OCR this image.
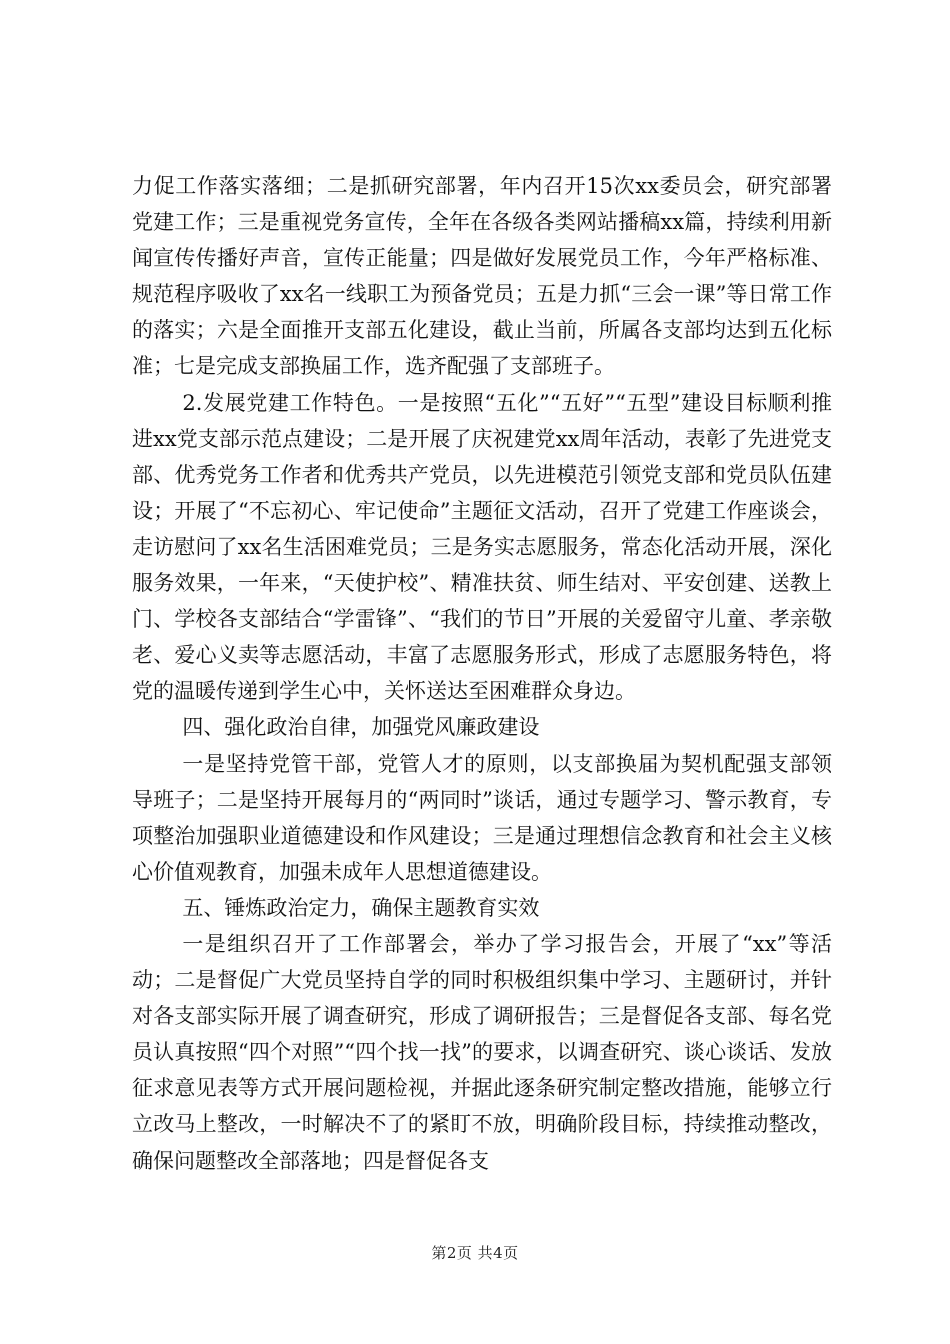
力促工作落实落细；二是抓研究部署，年内召开15次xx委员会，研究部署党建工作；三是重视党务宣传，全年在各级各类网站播稿xx篇，持续利用新闻宣传传播好声音，宣传正能量；四是做好发展党员工作，今年严格标准、规范程序吸收了xx名一线职工为预备党员；五是力抓“三会一课”等日常工作的落实；六是全面推开支部五化建设，截止当前，所属各支部均达到五化标准；七是完成支部换届工作，选齐配强了支部班子。

2.发展党建工作特色。一是按照“五化”“五好”“五型”建设目标顺利推进xx党支部示范点建设；二是开展了庆祝建党xx周年活动，表彰了先进党支部、优秀党务工作者和优秀共产党员，以先进模范引领党支部和党员队伍建设；开展了“不忘初心、牢记使命”主题征文活动，召开了党建工作座谈会，走访慰问了xx名生活困难党员；三是务实志愿服务，常态化活动开展，深化服务效果，一年来，“天使护校”、精准扶贫、师生结对、平安创建、送教上门、学校各支部结合“学雷锋”、“我们的节日”开展的关爱留守儿童、孝亲敬老、爱心义卖等志愿活动，丰富了志愿服务形式，形成了志愿服务特色，将党的温暖传递到学生心中，关怀送达至困难群众身边。

四、强化政治自律，加强党风廉政建设

一是坚持党管干部，党管人才的原则，以支部换届为契机配强支部领导班子；二是坚持开展每月的“两同时”谈话，通过专题学习、警示教育，专项整治加强职业道德建设和作风建设；三是通过理想信念教育和社会主义核心价值观教育，加强未成年人思想道德建设。

五、锤炼政治定力，确保主题教育实效

一是组织召开了工作部署会，举办了学习报告会，开展了“xx”等活动；二是督促广大党员坚持自学的同时积极组织集中学习、主题研讨，并针对各支部实际开展了调查研究，形成了调研报告；三是督促各支部、每名党员认真按照“四个对照”“四个找一找”的要求，以调查研究、谈心谈话、发放征求意见表等方式开展问题检视，并据此逐条研究制定整改措施，能够立行立改马上整改，一时解决不了的紧盯不放，明确阶段目标，持续推动整改，确保问题整改全部落地；四是督促各支

第2页 共4页
